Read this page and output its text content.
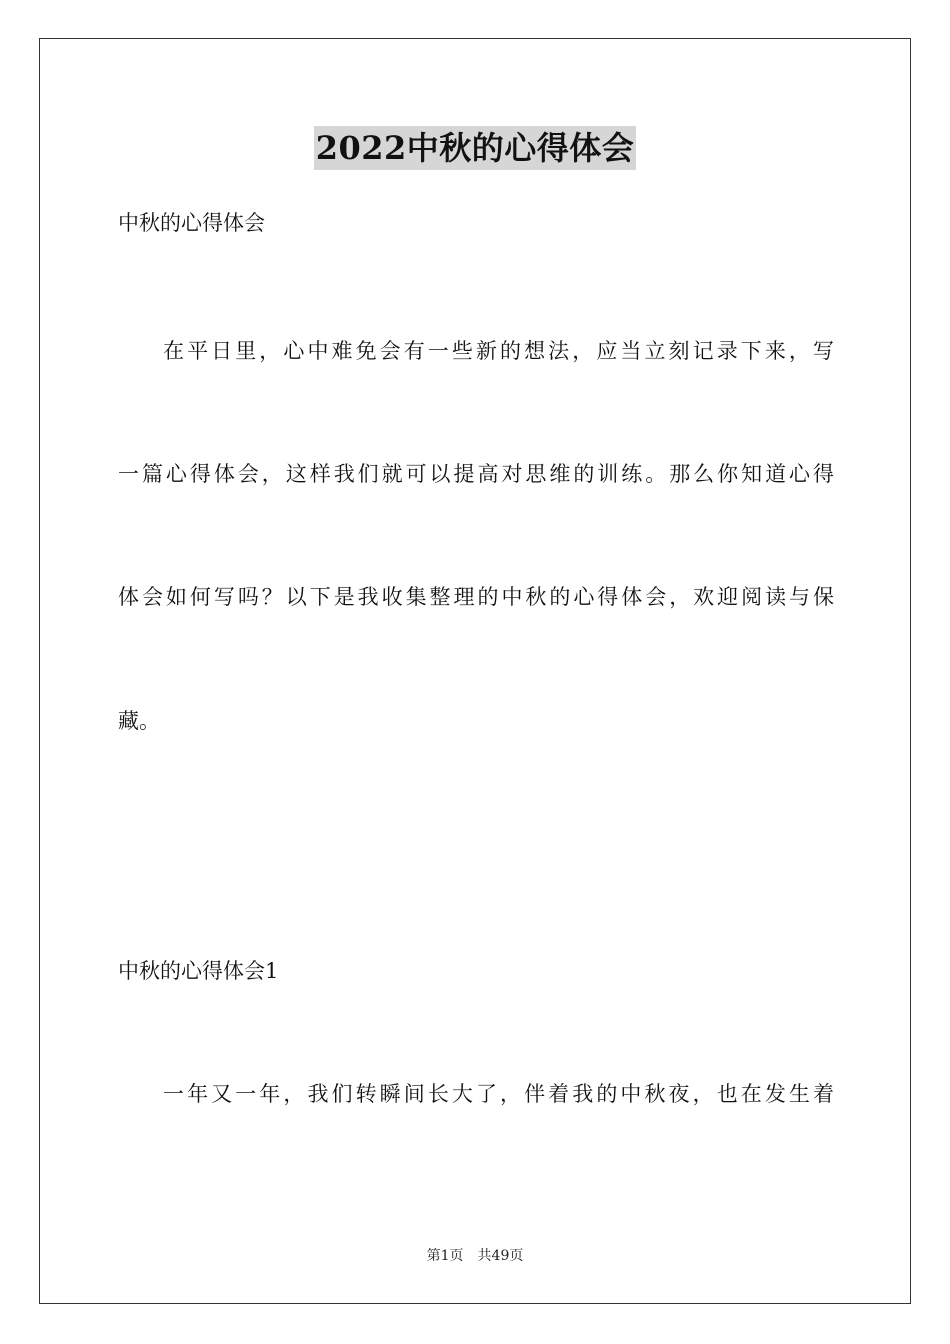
2022中秋的心得体会
中秋的心得体会
在平日里，心中难免会有一些新的想法，应当立刻记录下来，写
一篇心得体会，这样我们就可以提高对思维的训练。那么你知道心得
体会如何写吗？以下是我收集整理的中秋的心得体会，欢迎阅读与保
藏。
中秋的心得体会1
一年又一年，我们转瞬间长大了，伴着我的中秋夜，也在发生着
第1页 共49页
